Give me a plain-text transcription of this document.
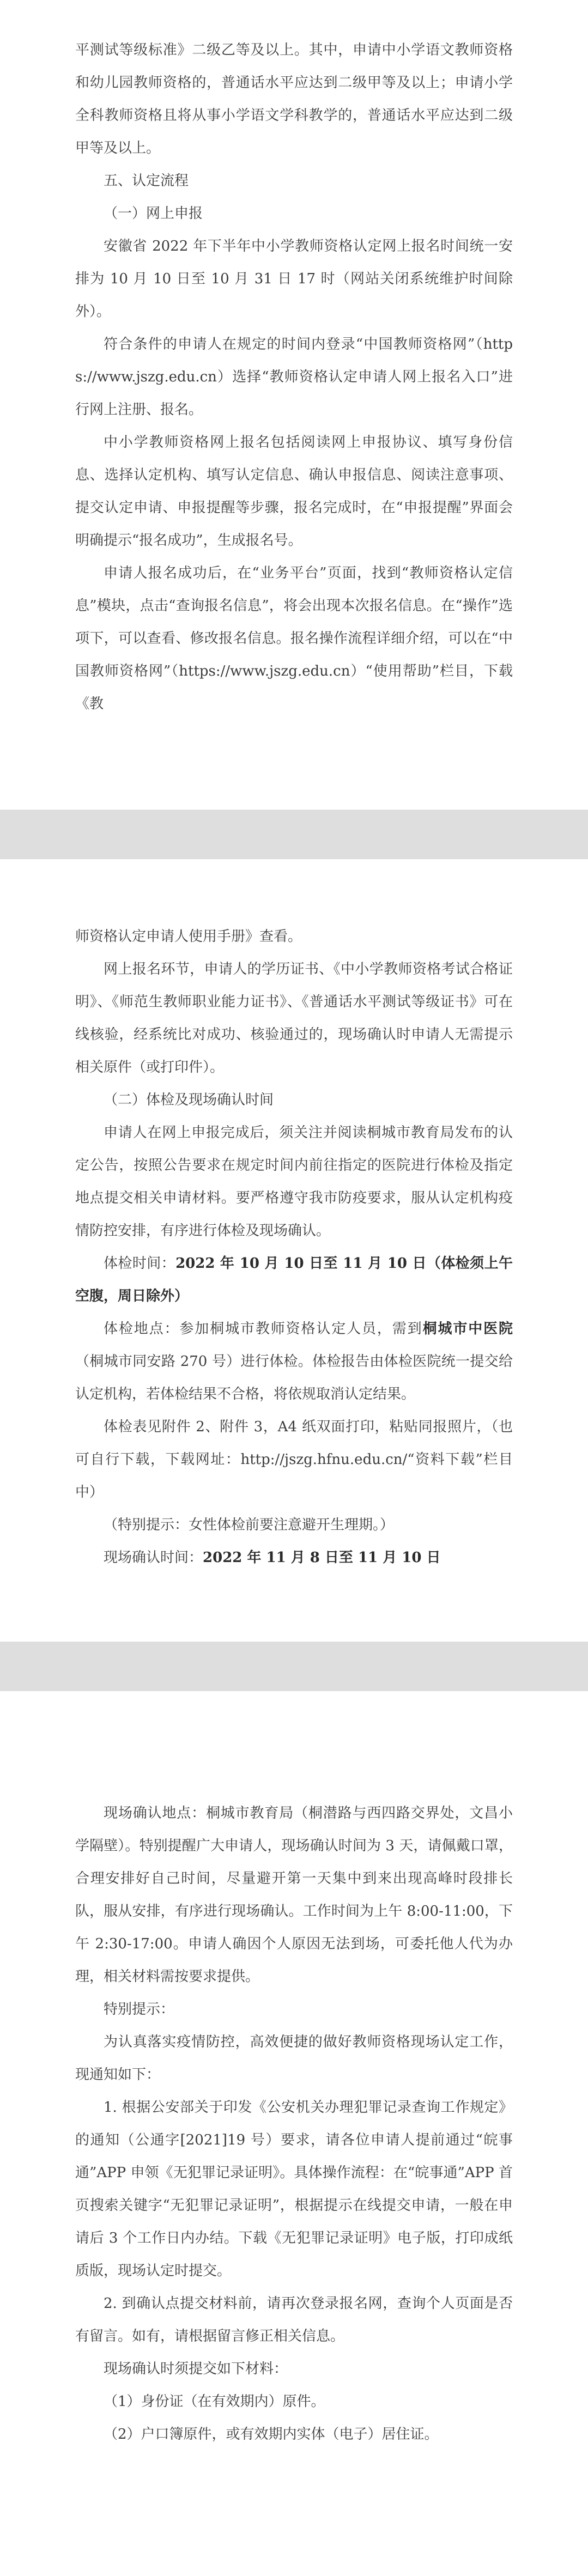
平测试等级标准》二级乙等及以上。其中，申请中小学语文教师资格和幼儿园教师资格的，普通话水平应达到二级甲等及以上；申请小学全科教师资格且将从事小学语文学科教学的，普通话水平应达到二级甲等及以上。

五、认定流程

（一）网上申报

安徽省 2022 年下半年中小学教师资格认定网上报名时间统一安排为 10 月 10 日至 10 月 31 日 17 时（网站关闭系统维护时间除外）。

符合条件的申请人在规定的时间内登录“中国教师资格网”（https://www.jszg.edu.cn）选择“教师资格认定申请人网上报名入口”进行网上注册、报名。

中小学教师资格网上报名包括阅读网上申报协议、填写身份信息、选择认定机构、填写认定信息、确认申报信息、阅读注意事项、提交认定申请、申报提醒等步骤，报名完成时，在“申报提醒”界面会明确提示“报名成功”，生成报名号。

申请人报名成功后，在“业务平台”页面，找到“教师资格认定信息”模块，点击“查询报名信息”，将会出现本次报名信息。在“操作”选项下，可以查看、修改报名信息。报名操作流程详细介绍，可以在“中国教师资格网”（https://www.jszg.edu.cn）“使用帮助”栏目，下载《教

师资格认定申请人使用手册》查看。

网上报名环节，申请人的学历证书、《中小学教师资格考试合格证明》、《师范生教师职业能力证书》、《普通话水平测试等级证书》可在线核验，经系统比对成功、核验通过的，现场确认时申请人无需提示相关原件（或打印件）。

（二）体检及现场确认时间

申请人在网上申报完成后，须关注并阅读桐城市教育局发布的认定公告，按照公告要求在规定时间内前往指定的医院进行体检及指定地点提交相关申请材料。要严格遵守我市防疫要求，服从认定机构疫情防控安排，有序进行体检及现场确认。

体检时间：2022 年 10 月 10 日至 11 月 10 日（体检须上午空腹，周日除外）

体检地点：参加桐城市教师资格认定人员，需到桐城市中医院（桐城市同安路 270 号）进行体检。体检报告由体检医院统一提交给认定机构，若体检结果不合格，将依规取消认定结果。

体检表见附件 2、附件 3，A4 纸双面打印，粘贴同报照片，（也可自行下载，下载网址：http://jszg.hfnu.edu.cn/“资料下载”栏目中）

（特别提示：女性体检前要注意避开生理期。）

现场确认时间：2022 年 11 月 8 日至 11 月 10 日

现场确认地点：桐城市教育局（桐潜路与西四路交界处，文昌小学隔壁）。特别提醒广大申请人，现场确认时间为 3 天，请佩戴口罩，合理安排好自己时间，尽量避开第一天集中到来出现高峰时段排长队，服从安排，有序进行现场确认。工作时间为上午 8:00-11:00，下午 2:30-17:00。申请人确因个人原因无法到场，可委托他人代为办理，相关材料需按要求提供。

特别提示：

为认真落实疫情防控，高效便捷的做好教师资格现场认定工作，现通知如下：

1. 根据公安部关于印发《公安机关办理犯罪记录查询工作规定》的通知（公通字[2021]19 号）要求，请各位申请人提前通过“皖事通”APP 申领《无犯罪记录证明》。具体操作流程：在“皖事通”APP 首页搜索关键字“无犯罪记录证明”，根据提示在线提交申请，一般在申请后 3 个工作日内办结。下载《无犯罪记录证明》电子版，打印成纸质版，现场认定时提交。

2. 到确认点提交材料前，请再次登录报名网，查询个人页面是否有留言。如有，请根据留言修正相关信息。

现场确认时须提交如下材料：

（1）身份证（在有效期内）原件。

（2）户口簿原件，或有效期内实体（电子）居住证。
